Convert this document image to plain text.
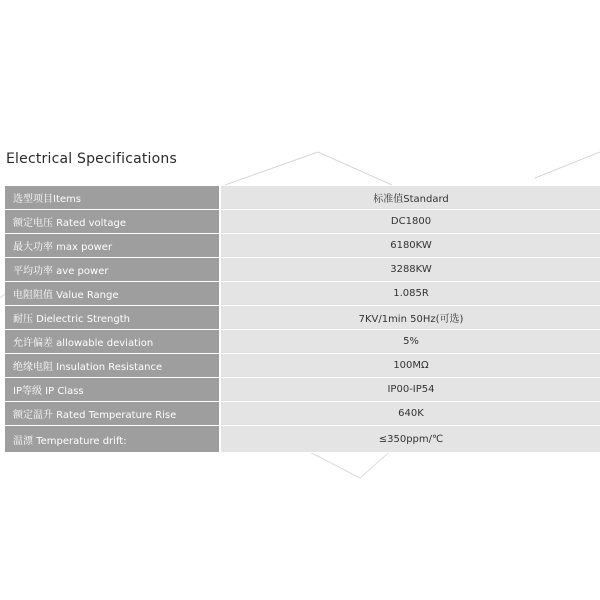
Electrical Specifications
选型项目Items	标准值Standard
额定电压 Rated voltage	DC1800
最大功率 max power	6180KW
平均功率 ave power	3288KW
电阻阻值 Value Range	1.085R
耐压 Dielectric Strength	7KV/1min 50Hz(可选)
允许偏差 allowable deviation	5%
绝缘电阻 Insulation Resistance	100MΩ
IP等级 IP Class	IP00-IP54
额定温升 Rated Temperature Rise	640K
温漂 Temperature drift:	≤350ppm/℃
